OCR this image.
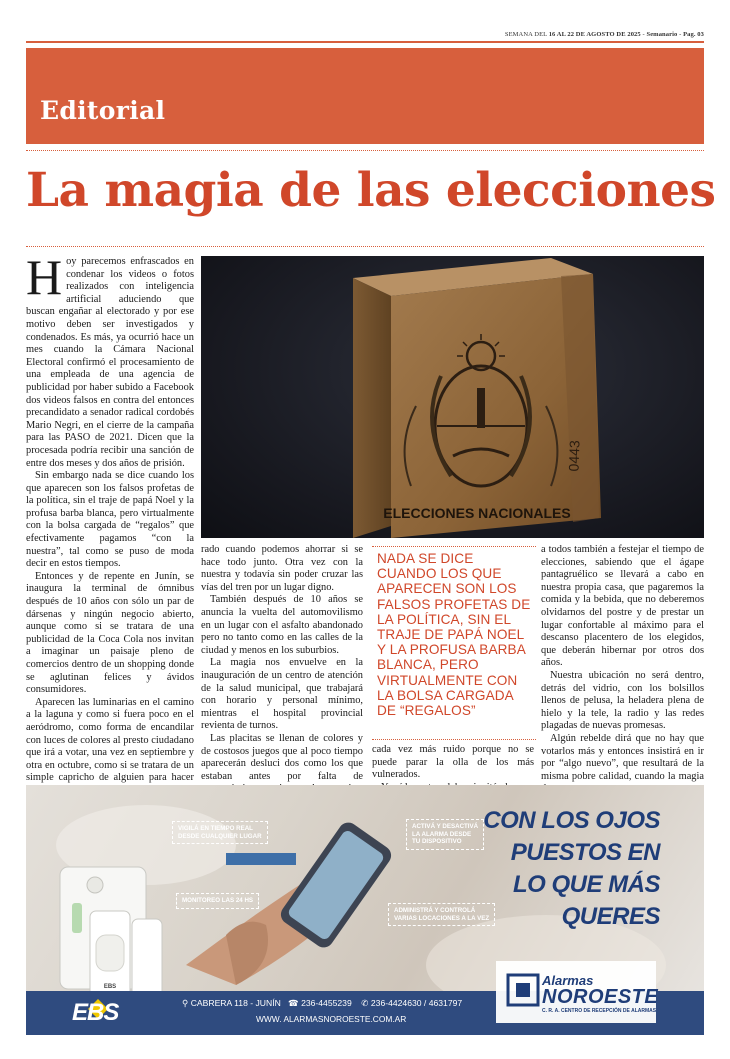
SEMANA DEL 16 AL 22 DE AGOSTO DE 2025 - Semanario - Pag. 03
Editorial
La magia de las elecciones

Hoy parecemos enfrascados en condenar los videos o fotos realizados con inteligencia artificial aduciendo que buscan engañar al electorado y por ese motivo deben ser investigados y condenados. Es más, ya ocurrió hace un mes cuando la Cámara Nacional Electoral confirmó el procesamiento de una empleada de una agencia de publicidad por haber subido a Facebook dos videos falsos en contra del entonces precandidato a senador radical cordobés Mario Negri, en el cierre de la campaña para las PASO de 2021. Dicen que la procesada podría recibir una sanción de entre dos meses y dos años de prisión.

Sin embargo nada se dice cuando los que aparecen son los falsos profetas de la política, sin el traje de papá Noel y la profusa barba blanca, pero virtualmente con la bolsa cargada de “regalos” que efectivamente pagamos “con la nuestra”, tal como se puso de moda decir en estos tiempos.

Entonces y de repente en Junín, se inaugura la terminal de ómnibus después de 10 años con sólo un par de dársenas y ningún negocio abierto, aunque como si se tratara de una publicidad de la Coca Cola nos invitan a imaginar un paisaje pleno de comercios dentro de un shopping donde se aglutinan felices y ávidos consumidores.

Aparecen las luminarias en el camino a la laguna y como si fuera poco en el aeródromo, como forma de encandilar con luces de colores al presto ciudadano que irá a votar, una vez en septiembre y otra en octubre, como si se tratara de un simple capricho de alguien para hacer

ELECCIONES NACIONALES
0443

rado cuando podemos ahorrar si se hace todo junto. Otra vez con la nuestra y todavía sin poder cruzar las vías del tren por un lugar digno.

También después de 10 años se anuncia la vuelta del automovilismo en un lugar con el asfalto abandonado pero no tanto como en las calles de la ciudad y menos en los suburbios.

La magia nos envuelve en la inauguración de un centro de atención de la salud municipal, que trabajará con horario y personal mínimo, mientras el hospital provincial revienta de turnos.

Las placitas se llenan de colores y de costosos juegos que al poco tiempo aparecerán desluci dos como los que estaban antes por falta de

NADA SE DICE CUANDO LOS QUE APARECEN SON LOS FALSOS PROFETAS DE LA POLÍTICA, SIN EL TRAJE DE PAPÁ NOEL Y LA PROFUSA BARBA BLANCA, PERO VIRTUALMENTE CON LA BOLSA CARGADA DE “REGALOS”

cada vez más ruido porque no se puede parar la olla de los más vulnerados.

a todos también a festejar el tiempo de elecciones, sabiendo que el ágape pantagruélico se llevará a cabo en nuestra propia casa, que pagaremos la comida y la bebida, que no deberemos olvidarnos del postre y de prestar un lugar confortable al máximo para el descanso placentero de los elegidos, que deberán hibernar por otros dos años.

Nuestra ubicación no será dentro, detrás del vidrio, con los bolsillos llenos de pelusa, la heladera plena de hielo y la tele, la radio y las redes plagadas de nuevas promesas.

Algún rebelde dirá que no hay que votarlos más y entonces insistirá en ir por “algo nuevo”, que resultará de la misma pobre calidad, cuando la magia

EBS
VIGILÁ EN TIEMPO REAL
DESDE CUALQUIER LUGAR
ACTIVÁ Y DESACTIVÁ
LA ALARMA DESDE
TU DISPOSITIVO
MONITOREO LAS 24 HS
ADMINISTRÁ Y CONTROLÁ
VARIAS LOCACIONES A LA VEZ
CON LOS OJOS
PUESTOS EN
LO QUE MÁS
QUERES
Alarmas
NOROESTE
C. R. A. CENTRO DE RECEPCIÓN DE ALARMAS
EBS	⚲ CABRERA 118 - JUNÍN ☎ 236-4455239 ✆ 236-4424630 / 4631797
WWW. ALARMASNOROESTE.COM.AR
